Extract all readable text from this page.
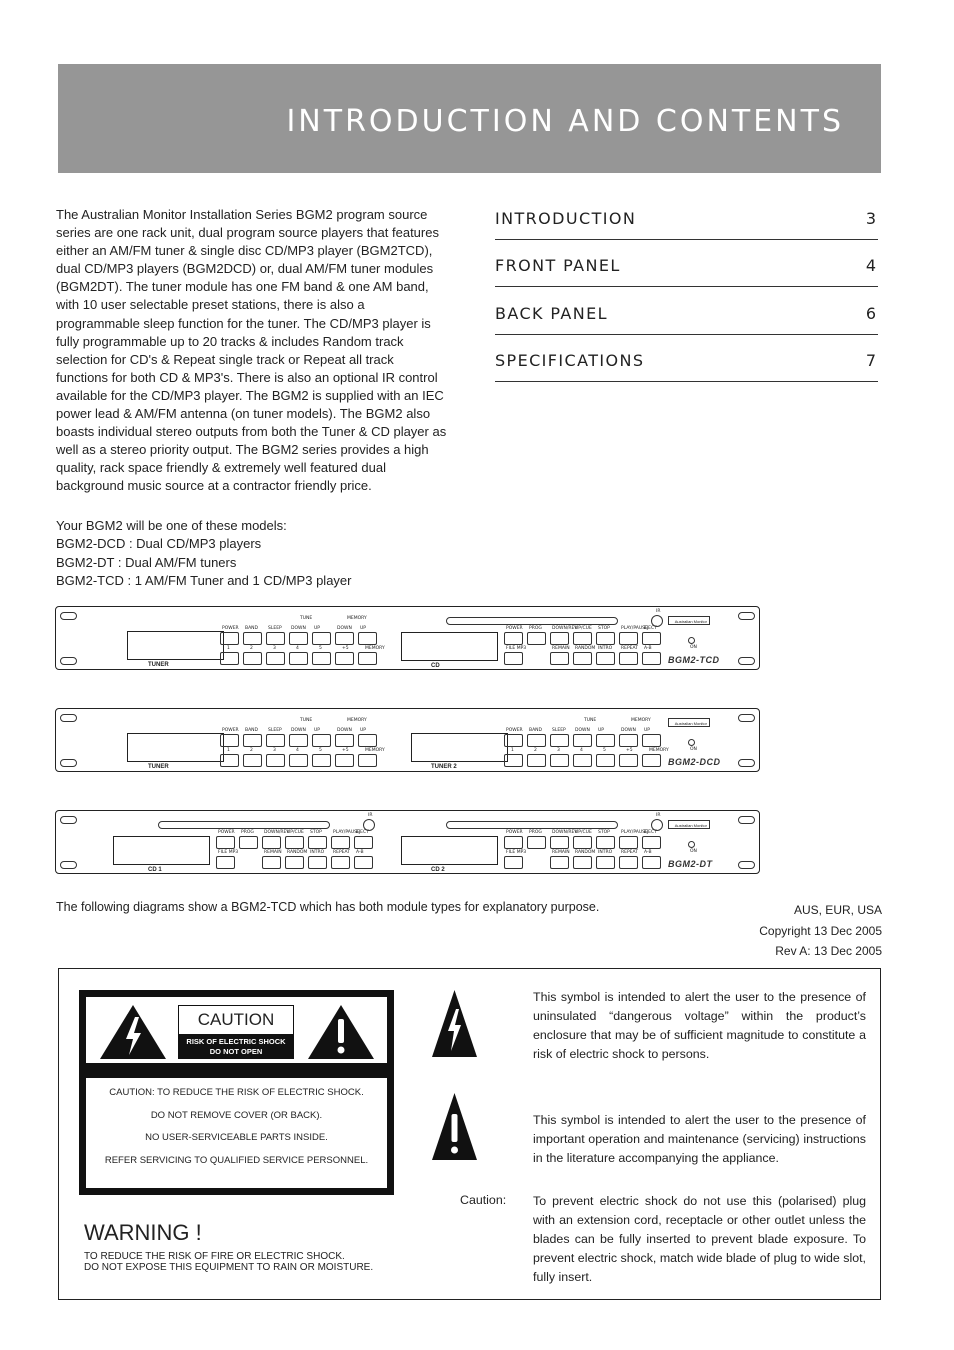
INTRODUCTION AND CONTENTS
The Australian Monitor Installation Series BGM2 program source series are one rack unit, dual program source players that features either an AM/FM tuner & single disc CD/MP3 player (BGM2TCD), dual CD/MP3 players (BGM2DCD) or, dual AM/FM tuner modules (BGM2DT). The tuner module has one FM band & one AM band, with 10 user selectable preset stations, there is also a programmable sleep function for the tuner. The CD/MP3 player is fully programmable up to 20 tracks & includes Random track selection for CD's & Repeat single track or Repeat all track functions for both CD & MP3's. There is also an optional IR control available for the CD/MP3 player. The BGM2 is supplied with an IEC power lead & AM/FM antenna (on tuner models). The BGM2 also boasts individual stereo outputs from both the Tuner & CD player as well as a stereo priority output. The BGM2 series provides a high quality, rack space friendly & extremely well featured dual background music source at a contractor friendly price.
Your BGM2 will be one of these models:
BGM2-DCD : Dual CD/MP3 players
BGM2-DT : Dual AM/FM tuners
BGM2-TCD : 1 AM/FM Tuner and 1 CD/MP3 player
INTRODUCTION	3
FRONT PANEL	4
BACK PANEL	6
SPECIFICATIONS	7
POWER BAND SLEEP DOWN UP	DOWN UP
1	2	3	4	5	+5	MEMORY
TUNE	MEMORY
POWER PROG DOWN/REV
UP/CUE STOP PLAY/PAUSE
EJECT
FILE MP3	REMAIN RANDOM INTRO REPEAT A-B
IR
TUNER	CD
Australian Monitor
ON
BGM2-TCD
POWER BAND SLEEP DOWN UP	DOWN UP
1	2	3	4	5	+5	MEMORY
TUNE	MEMORY
POWER BAND SLEEP DOWN UP	DOWN UP
1	2	3	4	5	+5	MEMORY
TUNE	MEMORY
TUNER	TUNER 2
Australian Monitor
ON
BGM2-DCD
POWER PROG DOWN/REV
UP/CUE STOP PLAY/PAUSE
EJECT
FILE MP3	REMAIN RANDOM INTRO REPEAT A-B
IR
POWER PROG DOWN/REV
UP/CUE STOP PLAY/PAUSE
EJECT
FILE MP3	REMAIN RANDOM INTRO REPEAT A-B
IR
CD 1	CD 2
Australian Monitor
ON
BGM2-DT
The following diagrams show a BGM2-TCD which has both module types for explanatory purpose.	AUS, EUR, USA
Copyright 13 Dec 2005
Rev A: 13 Dec 2005
CAUTION
RISK OF ELECTRIC SHOCK
DO NOT OPEN
CAUTION: TO REDUCE THE RISK OF ELECTRIC SHOCK.
DO NOT REMOVE COVER (OR BACK).
NO USER-SERVICEABLE PARTS INSIDE.
REFER SERVICING TO QUALIFIED SERVICE PERSONNEL.
WARNING !

TO REDUCE THE RISK OF FIRE OR ELECTRIC SHOCK.
DO NOT EXPOSE THIS EQUIPMENT TO RAIN OR MOISTURE.

This symbol is intended to alert the user to the presence of uninsulated “dangerous voltage” within the product’s enclosure that may be of sufficient magnitude to constitute a risk of electric shock to persons.
This symbol is intended to alert the user to the presence of important operation and maintenance (servicing) instructions in the literature accompanying the appliance.
Caution: To prevent electric shock do not use this (polarised) plug with an extension cord, receptacle or other outlet unless the blades can be fully inserted to prevent blade exposure. To prevent electric shock, match wide blade of plug to wide slot, fully insert.
